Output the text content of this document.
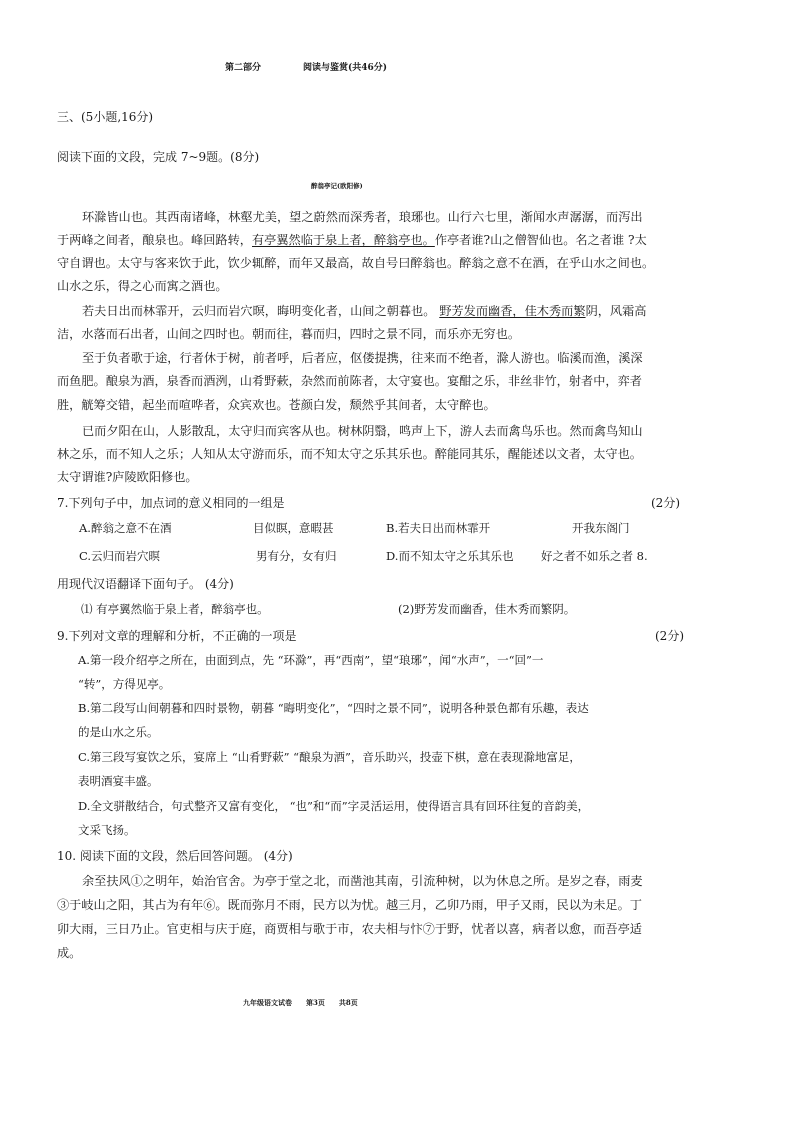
第二部分	阅读与鉴赏(共46分)
三、(5小题,16分)
阅读下面的文段，完成 7~9题。(8分)
醉翁亭记(欧阳修)
环滁皆山也。其西南诸峰，林壑尤美，望之蔚然而深秀者，琅琊也。山行六七里，渐闻水声潺潺，而泻出
于两峰之间者，酿泉也。峰回路转，有亭翼然临于泉上者，醉翁亭也。作亭者谁?山之僧智仙也。名之者谁 ?太
守自谓也。太守与客来饮于此，饮少辄醉，而年又最高，故自号曰醉翁也。醉翁之意不在酒，在乎山水之间也。
山水之乐，得之心而寓之酒也。
若夫日出而林霏开，云归而岩穴暝，晦明变化者，山间之朝暮也。 野芳发而幽香，佳木秀而繁阴，风霜高
洁，水落而石出者，山间之四时也。朝而往，暮而归，四时之景不同，而乐亦无穷也。
至于负者歌于途，行者休于树，前者呼，后者应，伛偻提携，往来而不绝者，滁人游也。临溪而渔，溪深
而鱼肥。酿泉为酒，泉香而酒洌，山肴野蔌，杂然而前陈者，太守宴也。宴酣之乐，非丝非竹，射者中，弈者
胜，觥筹交错，起坐而喧哗者，众宾欢也。苍颜白发，颓然乎其间者，太守醉也。
已而夕阳在山，人影散乱，太守归而宾客从也。树林阴翳，鸣声上下，游人去而禽鸟乐也。然而禽鸟知山
林之乐，而不知人之乐；人知从太守游而乐，而不知太守之乐其乐也。醉能同其乐，醒能述以文者，太守也。
太守谓谁?庐陵欧阳修也。
7.下列句子中，加点词的意义相同的一组是	(2分)
A.醉翁之意不在酒	目似瞑，意暇甚	B.若夫日出而林霏开	开我东阁门
C.云归而岩穴暝	男有分，女有归	D.而不知太守之乐其乐也 好之者不如乐之者 8.
用现代汉语翻译下面句子。 (4分)
⑴ 有亭翼然临于泉上者，醉翁亭也。	(2)野芳发而幽香，佳木秀而繁阴。
9.下列对文章的理解和分析，不正确的一项是	(2分)
A.第一段介绍亭之所在，由面到点，先 “环滁”，再“西南”，望“琅琊”，闻“水声”，一“回”一
“转”，方得见亭。
B.第二段写山间朝暮和四时景物，朝暮 “晦明变化”，“四时之景不同”，说明各种景色都有乐趣，表达
的是山水之乐。
C.第三段写宴饮之乐，宴席上 “山肴野蔌” “酿泉为酒”，音乐助兴，投壶下棋，意在表现滁地富足，
表明酒宴丰盛。
D.全文骈散结合，句式整齐又富有变化， “也”和“而”字灵活运用，使得语言具有回环往复的音韵美，
文采飞扬。
10. 阅读下面的文段，然后回答问题。 (4分)
余至扶风①之明年，始治官舍。为亭于堂之北，而凿池其南，引流种树，以为休息之所。是岁之春，雨麦
③于岐山之阳，其占为有年⑥。既而弥月不雨，民方以为忧。越三月，乙卯乃雨，甲子又雨，民以为未足。丁
卯大雨，三日乃止。官吏相与庆于庭，商贾相与歌于市，农夫相与忭⑦于野，忧者以喜，病者以愈，而吾亭适
成。
九年级语文试卷 第3页 共8页
